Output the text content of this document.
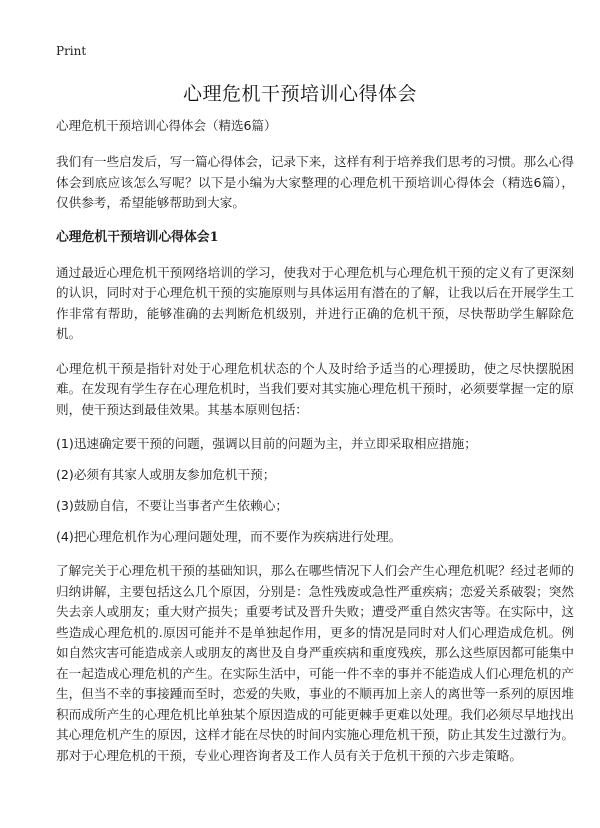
Print
心理危机干预培训心得体会
心理危机干预培训心得体会（精选6篇）

我们有一些启发后，写一篇心得体会，记录下来，这样有利于培养我们思考的习惯。那么心得体会到底应该怎么写呢？以下是小编为大家整理的心理危机干预培训心得体会（精选6篇），仅供参考，希望能够帮助到大家。

心理危机干预培训心得体会1

通过最近心理危机干预网络培训的学习，使我对于心理危机与心理危机干预的定义有了更深刻的认识，同时对于心理危机干预的实施原则与具体运用有潜在的了解，让我以后在开展学生工作非常有帮助，能够准确的去判断危机级别，并进行正确的危机干预，尽快帮助学生解除危机。

心理危机干预是指针对处于心理危机状态的个人及时给予适当的心理援助，使之尽快摆脱困难。在发现有学生存在心理危机时，当我们要对其实施心理危机干预时，必须要掌握一定的原则，使干预达到最佳效果。其基本原则包括：

(1)迅速确定要干预的问题，强调以目前的问题为主，并立即采取相应措施；
(2)必须有其家人或朋友参加危机干预；
(3)鼓励自信，不要让当事者产生依赖心；
(4)把心理危机作为心理问题处理，而不要作为疾病进行处理。

了解完关于心理危机干预的基础知识，那么在哪些情况下人们会产生心理危机呢？经过老师的归纳讲解，主要包括这么几个原因，分别是：急性残废或急性严重疾病；恋爱关系破裂；突然失去亲人或朋友；重大财产损失；重要考试及晋升失败；遭受严重自然灾害等。在实际中，这些造成心理危机的.原因可能并不是单独起作用，更多的情况是同时对人们心理造成危机。例如自然灾害可能造成亲人或朋友的离世及自身严重疾病和重度残疾，那么这些原因都可能集中在一起造成心理危机的产生。在实际生活中，可能一件不幸的事并不能造成人们心理危机的产生，但当不幸的事接踵而至时，恋爱的失败，事业的不顺再加上亲人的离世等一系列的原因堆积而成所产生的心理危机比单独某个原因造成的可能更棘手更难以处理。我们必须尽早地找出其心理危机产生的原因，这样才能在尽快的时间内实施心理危机干预，防止其发生过激行为。那对于心理危机的干预，专业心理咨询者及工作人员有关于危机干预的六步走策略。
